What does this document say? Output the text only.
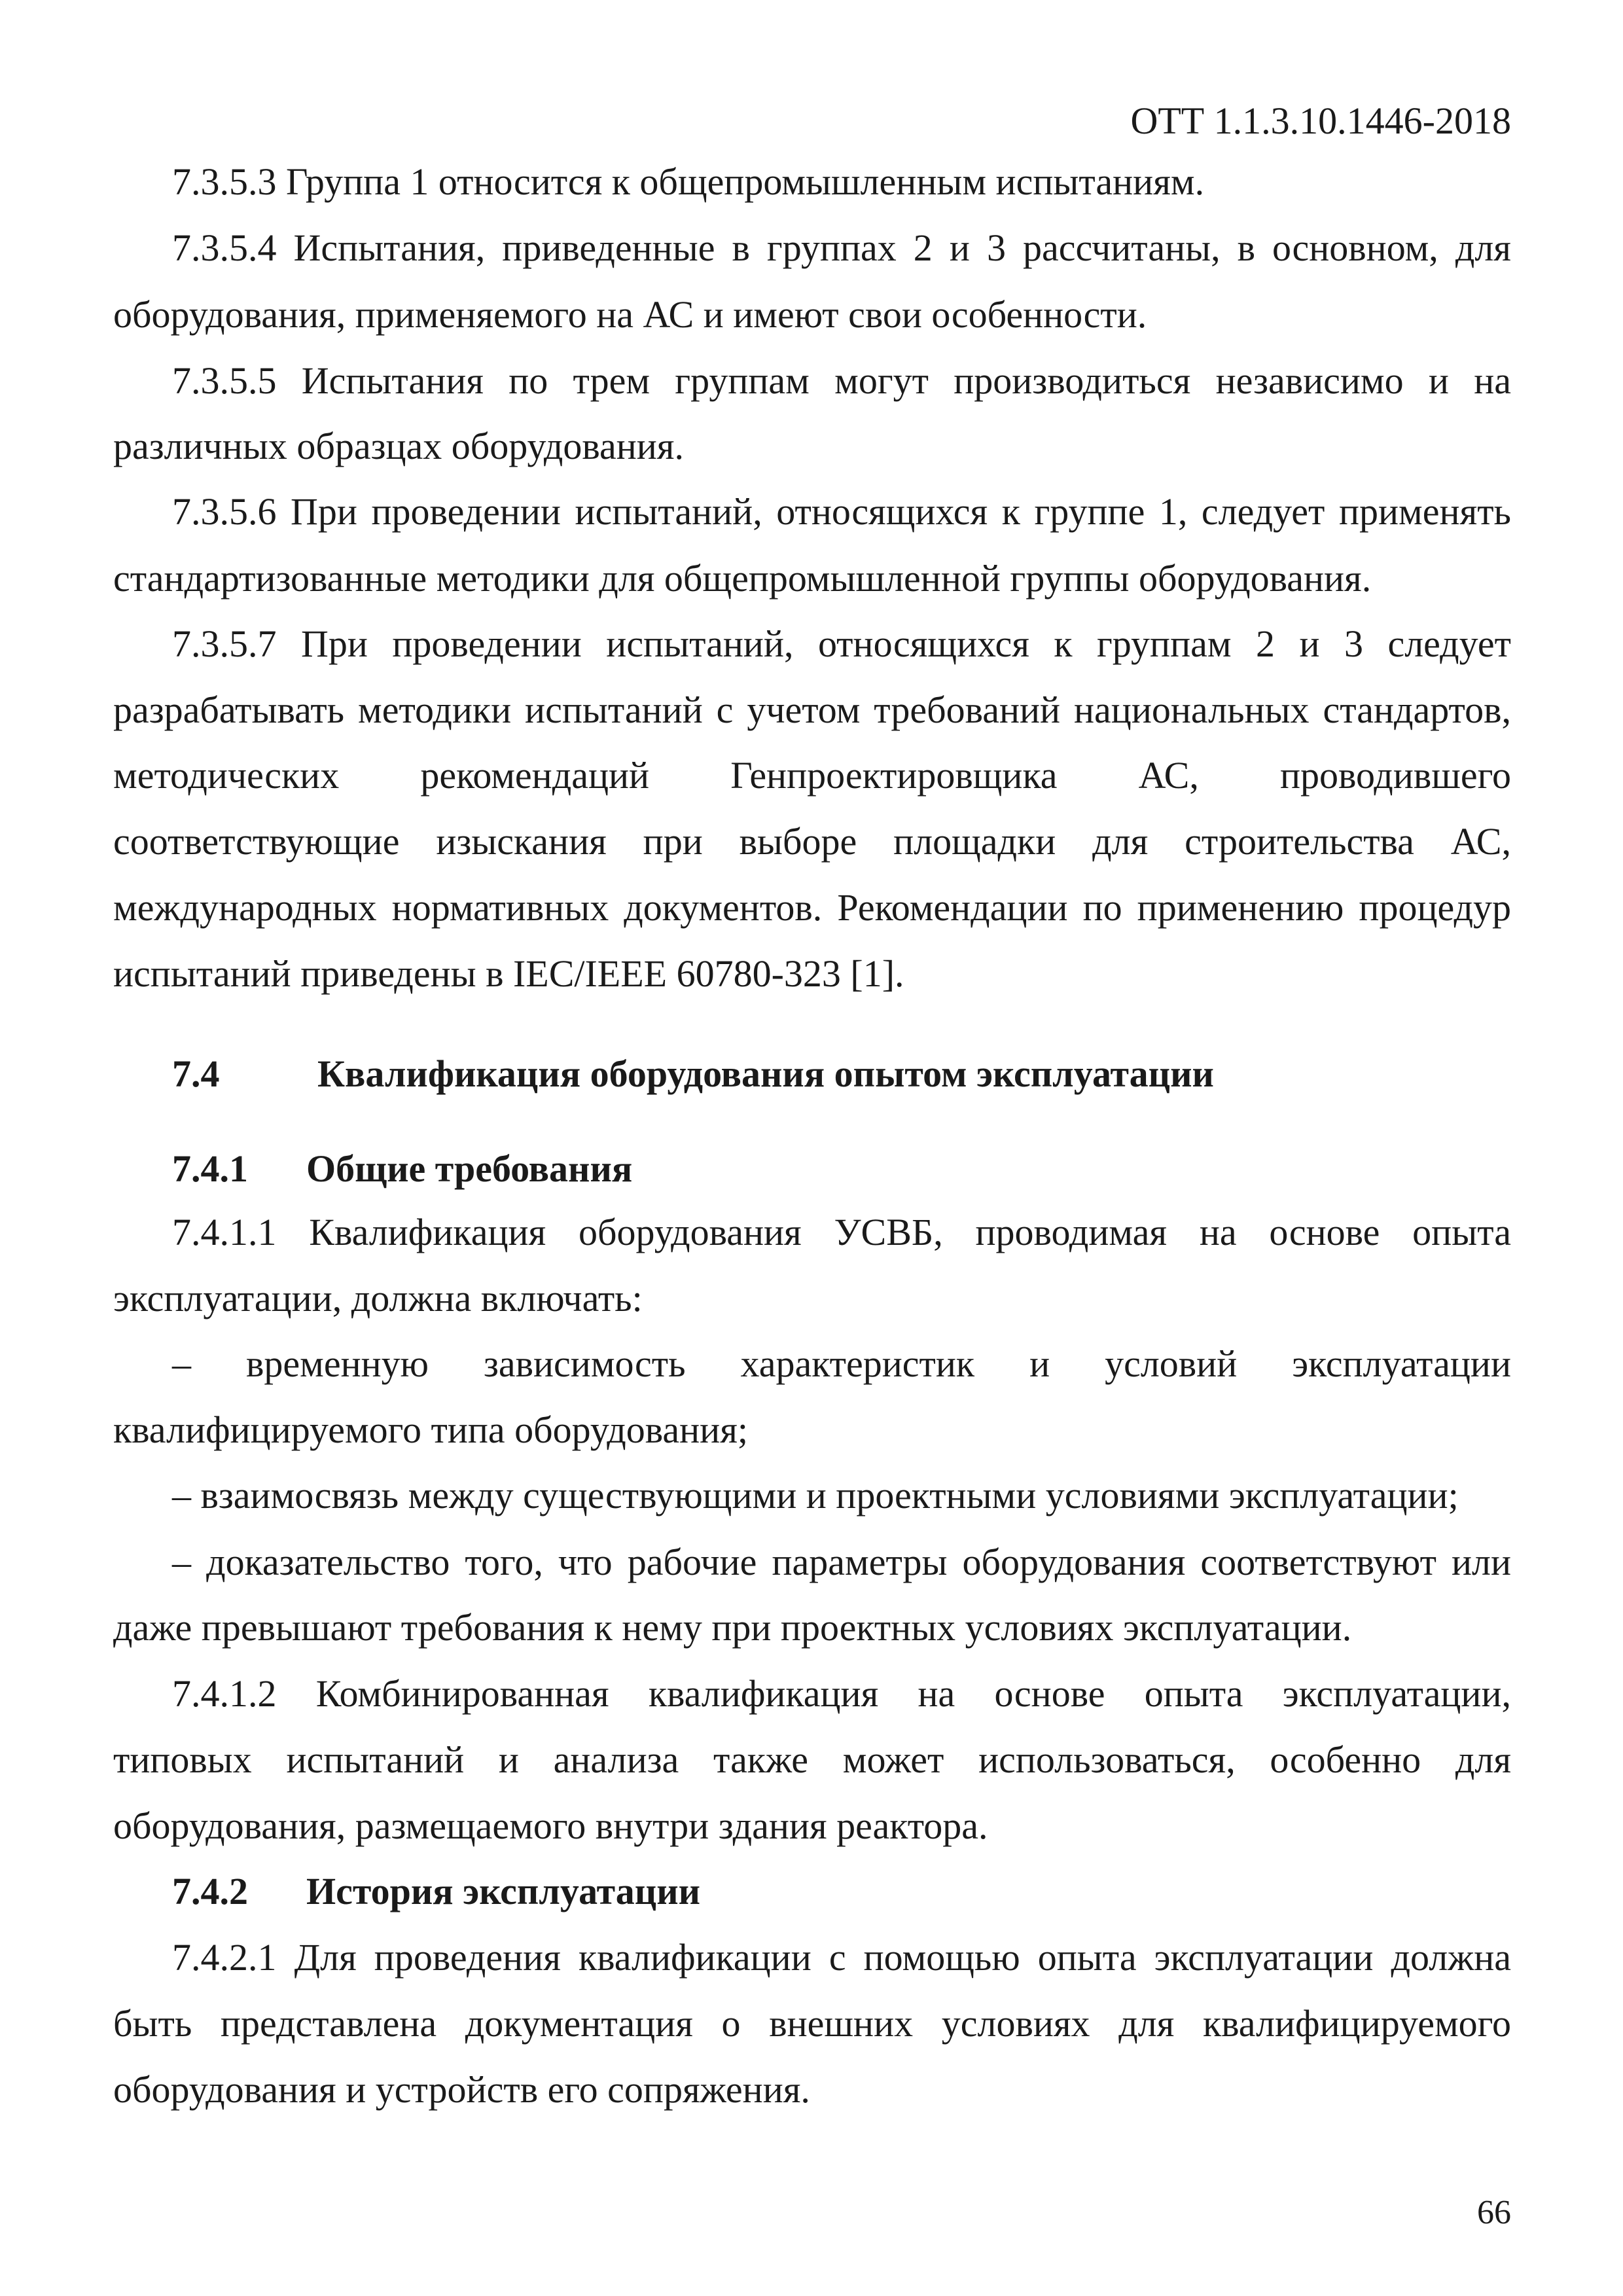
ОТТ 1.1.3.10.1446-2018
7.3.5.3 Группа 1 относится к общепромышленным испытаниям.
7.3.5.4 Испытания, приведенные в группах 2 и 3 рассчитаны, в основном, для
оборудования, применяемого на АС и имеют свои особенности.
7.3.5.5 Испытания по трем группам могут производиться независимо и на
различных образцах оборудования.
7.3.5.6 При проведении испытаний, относящихся к группе 1, следует применять
стандартизованные методики для общепромышленной группы оборудования.
7.3.5.7 При проведении испытаний, относящихся к группам 2 и 3 следует
разрабатывать методики испытаний с учетом требований национальных стандартов,
методических рекомендаций Генпроектировщика АС, проводившего
соответствующие изыскания при выборе площадки для строительства АС,
международных нормативных документов. Рекомендации по применению процедур
испытаний приведены в IEC/IEEE 60780-323 [1].
7.4	Квалификация оборудования опытом эксплуатации
7.4.1 Общие требования
7.4.1.1 Квалификация оборудования УСВБ, проводимая на основе опыта
эксплуатации, должна включать:
– временную зависимость характеристик и условий эксплуатации
квалифицируемого типа оборудования;
– взаимосвязь между существующими и проектными условиями эксплуатации;
– доказательство того, что рабочие параметры оборудования соответствуют или
даже превышают требования к нему при проектных условиях эксплуатации.
7.4.1.2 Комбинированная квалификация на основе опыта эксплуатации,
типовых испытаний и анализа также может использоваться, особенно для
оборудования, размещаемого внутри здания реактора.
7.4.2 История эксплуатации
7.4.2.1 Для проведения квалификации с помощью опыта эксплуатации должна
быть представлена документация о внешних условиях для квалифицируемого
оборудования и устройств его сопряжения.
66
